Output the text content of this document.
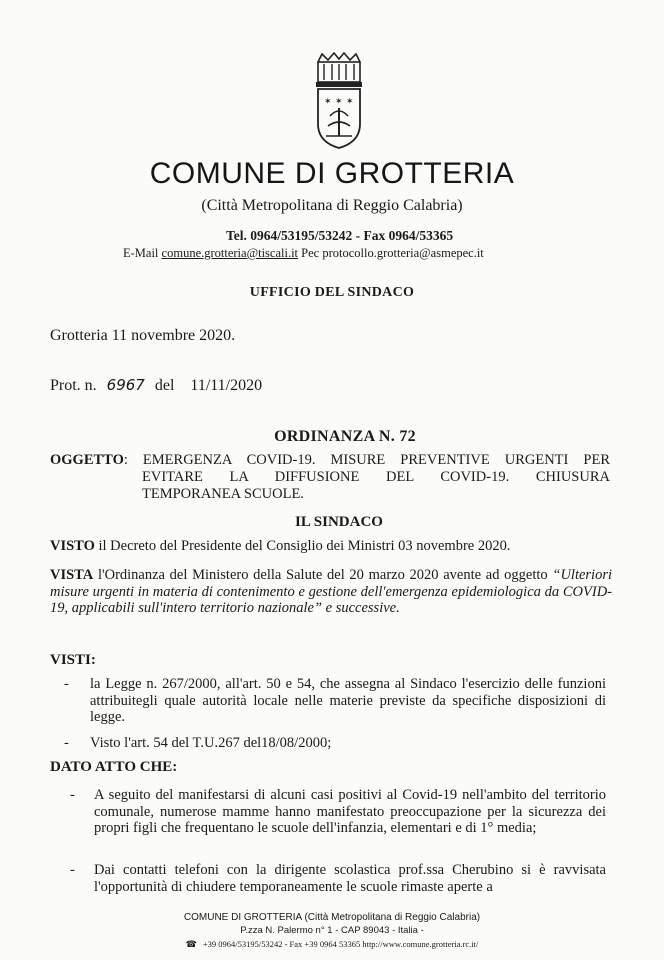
✶ ✶ ✶
COMUNE DI GROTTERIA
(Città Metropolitana di Reggio Calabria)
Tel. 0964/53195/53242 - Fax 0964/53365
E-Mail comune.grotteria@tiscali.it Pec protocollo.grotteria@asmepec.it
UFFICIO DEL SINDACO
Grotteria 11 novembre 2020.
Prot. n. 6967 del 11/11/2020
ORDINANZA N. 72
OGGETTO: EMERGENZA COVID-19. MISURE PREVENTIVE URGENTI PER
EVITARE LA DIFFUSIONE DEL COVID-19. CHIUSURA
TEMPORANEA SCUOLE.
IL SINDACO
VISTO il Decreto del Presidente del Consiglio dei Ministri 03 novembre 2020.
VISTA l'Ordinanza del Ministero della Salute del 20 marzo 2020 avente ad oggetto “Ulteriori misure urgenti in materia di contenimento e gestione dell'emergenza epidemiologica da COVID-19, applicabili sull'intero territorio nazionale” e successive.
VISTI:
- la Legge n. 267/2000, all'art. 50 e 54, che assegna al Sindaco l'esercizio delle funzioni attribuitegli quale autorità locale nelle materie previste da specifiche disposizioni di legge.
- Visto l'art. 54 del T.U.267 del18/08/2000;
DATO ATTO CHE:
- A seguito del manifestarsi di alcuni casi positivi al Covid-19 nell'ambito del territorio comunale, numerose mamme hanno manifestato preoccupazione per la sicurezza dei propri figli che frequentano le scuole dell'infanzia, elementari e di 1° media;
- Dai contatti telefoni con la dirigente scolastica prof.ssa Cherubino si è ravvisata l'opportunità di chiudere temporaneamente le scuole rimaste aperte a
COMUNE DI GROTTERIA (Città Metropolitana di Reggio Calabria)
P.zza N. Palermo n° 1 - CAP 89043 - Italia -
☎ +39 0964/53195/53242 - Fax +39 0964 53365 http://www.comune.grotteria.rc.it/
